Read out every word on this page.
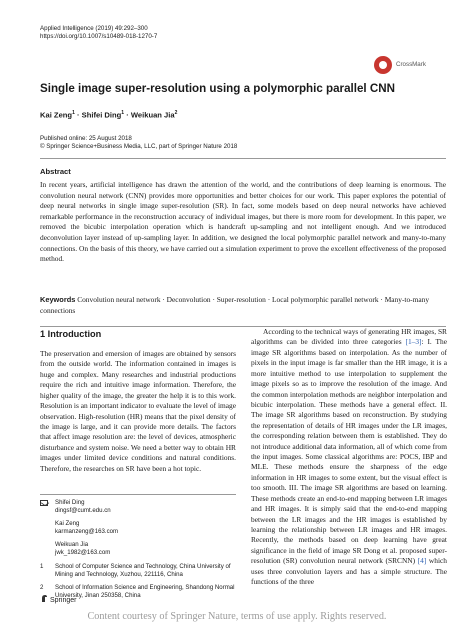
Applied Intelligence (2019) 49:292–300
https://doi.org/10.1007/s10489-018-1270-7
CrossMark
Single image super-resolution using a polymorphic parallel CNN
Kai Zeng$^1$ · Shifei Ding$^1$ · Weikuan Jia$^2$
Published online: 25 August 2018
© Springer Science+Business Media, LLC, part of Springer Nature 2018
Abstract

In recent years, artificial intelligence has drawn the attention of the world, and the contributions of deep learning is enormous. The convolution neural network (CNN) provides more opportunities and better choices for our work. This paper explores the potential of deep neural networks in single image super-resolution (SR). In fact, some models based on deep neural networks have achieved remarkable performance in the reconstruction accuracy of individual images, but there is more room for development. In this paper, we removed the bicubic interpolation operation which is handcraft up-sampling and not intelligent enough. And we introduced deconvolution layer instead of up-sampling layer. In addition, we designed the local polymorphic parallel network and many-to-many connections. On the basis of this theory, we have carried out a simulation experiment to prove the excellent effectiveness of the proposed method.

Keywords Convolution neural network · Deconvolution · Super-resolution · Local polymorphic parallel network · Many-to-many connections

1 Introduction

The preservation and emersion of images are obtained by sensors from the outside world. The information contained in images is huge and complex. Many researches and industrial productions require the rich and intuitive image information. Therefore, the higher quality of the image, the greater the help it is to this work. Resolution is an important indicator to evaluate the level of image observation. High-resolution (HR) means that the pixel density of the image is large, and it can provide more details. The factors that affect image resolution are: the level of devices, atmospheric disturbance and system noise. We need a better way to obtain HR images under limited device conditions and natural conditions. Therefore, the researches on SR have been a hot topic.

According to the technical ways of generating HR images, SR algorithms can be divided into three categories [1–3]: I. The image SR algorithms based on interpolation. As the number of pixels in the input image is far smaller than the HR image, it is a more intuitive method to use interpolation to supplement the image pixels so as to improve the resolution of the image. And the common interpolation methods are neighbor interpolation and bicubic interpolation. These methods have a general effect. II. The image SR algorithms based on reconstruction. By studying the representation of details of HR images under the LR images, the corresponding relation between them is established. They do not introduce additional data information, all of which come from the input images. Some classical algorithms are: POCS, IBP and MLE. These methods ensure the sharpness of the edge information in HR images to some extent, but the visual effect is too smooth. III. The image SR algorithms are based on learning. These methods create an end-to-end mapping between LR images and HR images. It is simply said that the end-to-end mapping between the LR images and the HR images is established by learning the relationship between LR images and HR images. Recently, the methods based on deep learning have great significance in the field of image SR Dong et al. proposed super-resolution (SR) convolution neural network (SRCNN) [4] which uses three convolution layers and has a simple structure. The functions of the three

Shifei Ding
dingsf@cumt.edu.cn
Kai Zeng
karmanzeng@163.com
Weikuan Jia
jwk_1982@163.com
1 School of Computer Science and Technology, China University of Mining and Technology, Xuzhou, 221116, China
2 School of Information Science and Engineering, Shandong Normal University, Jinan 250358, China
Springer
Content courtesy of Springer Nature, terms of use apply. Rights reserved.
